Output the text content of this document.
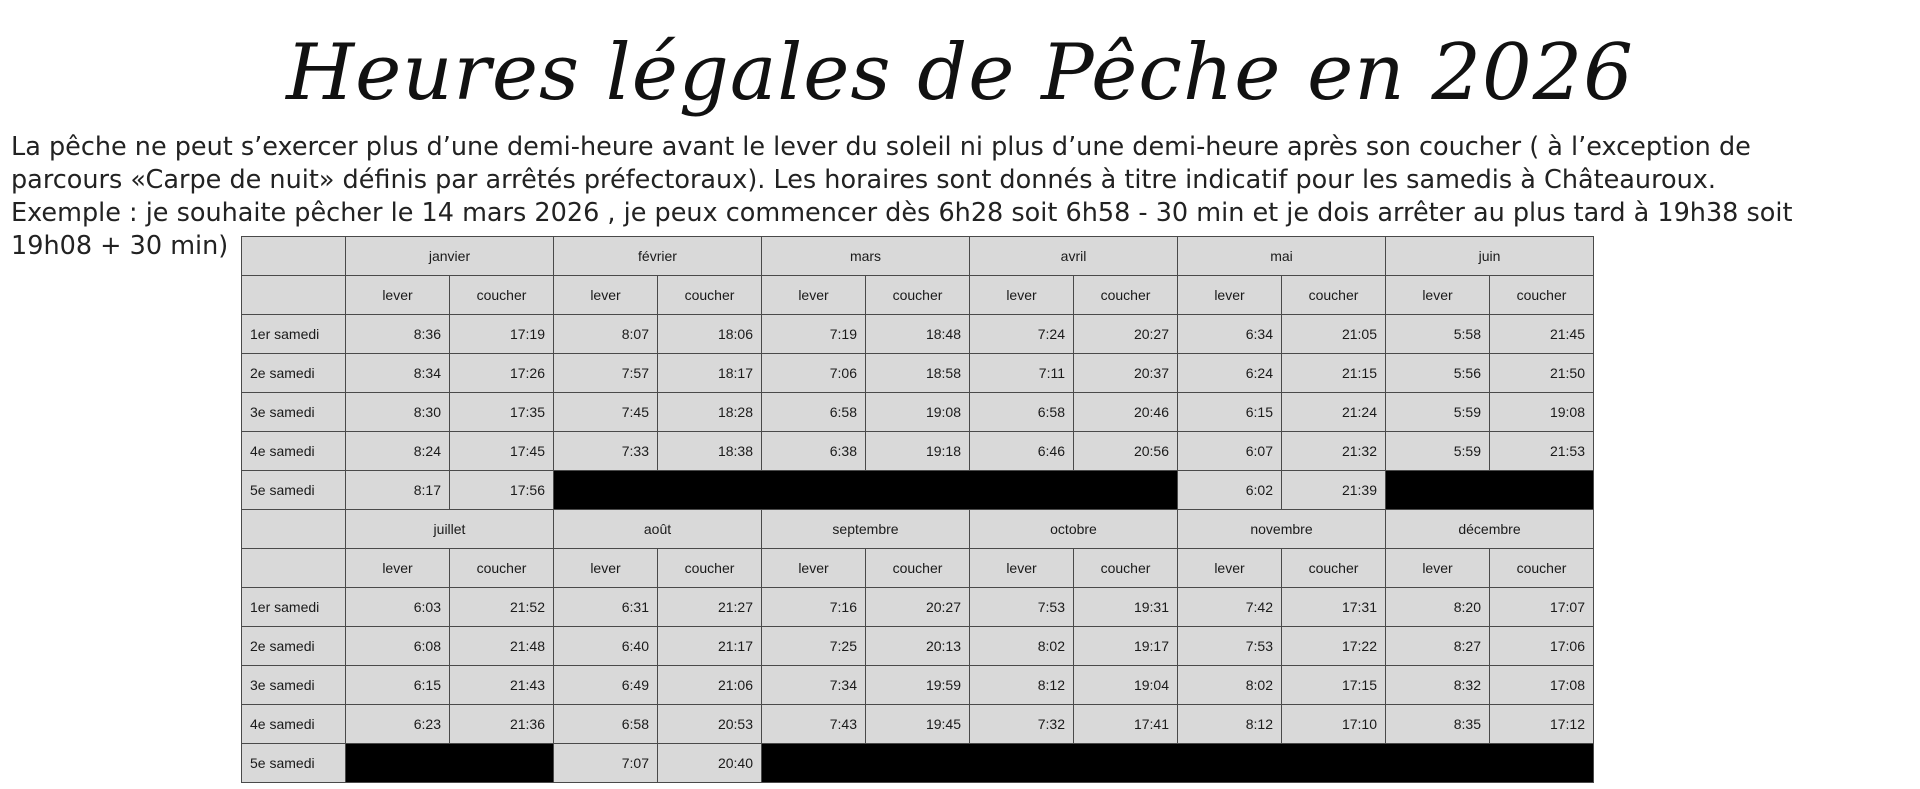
Heures légales de Pêche en 2026

La pêche ne peut s’exercer plus d’une demi-heure avant le lever du soleil ni plus d’une demi-heure après son coucher ( à l’exception de

parcours «Carpe de nuit» définis par arrêtés préfectoraux). Les horaires sont donnés à titre indicatif pour les samedis à Châteauroux.

Exemple : je souhaite pêcher le 14 mars 2026 , je peux commencer dès 6h28 soit 6h58 - 30 min et je dois arrêter au plus tard à 19h38 soit

19h08 + 30 min)

		janvier		février		mars		avril		mai		juin	
	lever	coucher	lever	coucher	lever	coucher	lever	coucher	lever	coucher	lever	coucher
1er samedi	8:36	17:19	8:07	18:06	7:19	18:48	7:24	20:27	6:34	21:05	5:58	21:45
2e samedi	8:34	17:26	7:57	18:17	7:06	18:58	7:11	20:37	6:24	21:15	5:56	21:50
3e samedi	8:30	17:35	7:45	18:28	6:58	19:08	6:58	20:46	6:15	21:24	5:59	19:08
4e samedi	8:24	17:45	7:33	18:38	6:38	19:18	6:46	20:56	6:07	21:32	5:59	21:53
5e samedi	8:17	17:56							6:02	21:39		
	juillet		août		septembre		octobre		novembre		décembre	
	lever	coucher	lever	coucher	lever	coucher	lever	coucher	lever	coucher	lever	coucher
1er samedi	6:03	21:52	6:31	21:27	7:16	20:27	7:53	19:31	7:42	17:31	8:20	17:07
2e samedi	6:08	21:48	6:40	21:17	7:25	20:13	8:02	19:17	7:53	17:22	8:27	17:06
3e samedi	6:15	21:43	6:49	21:06	7:34	19:59	8:12	19:04	8:02	17:15	8:32	17:08
4e samedi	6:23	21:36	6:58	20:53	7:43	19:45	7:32	17:41	8:12	17:10	8:35	17:12
5e samedi			7:07	20:40								
